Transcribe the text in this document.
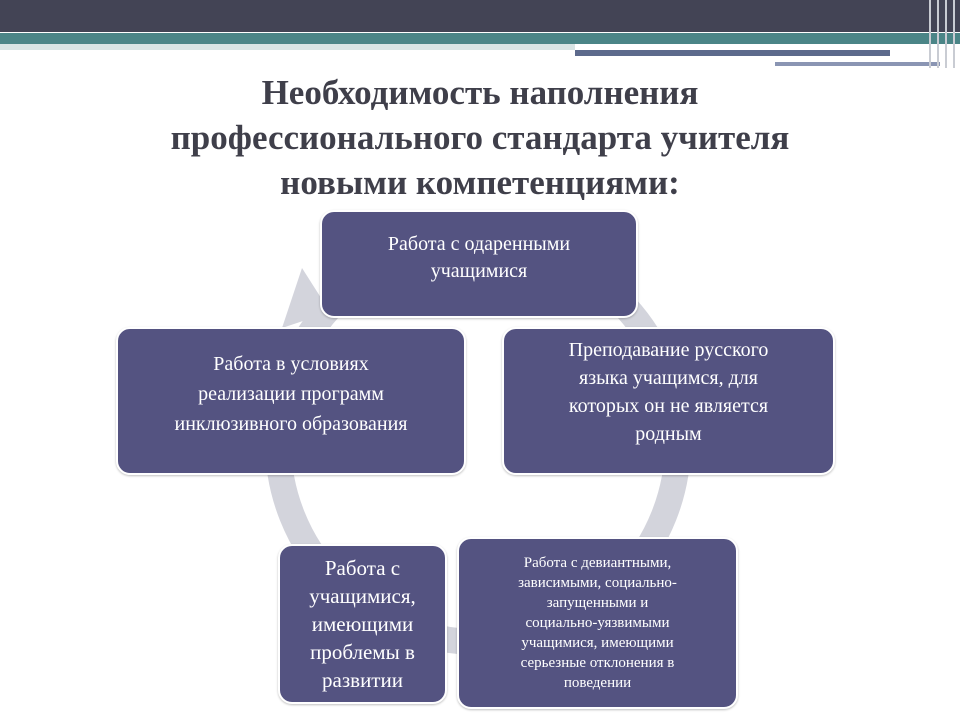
Необходимость наполнения
профессионального стандарта учителя
новыми компетенциями:
Работа с одаренными
учащимися
Преподавание русского
языка учащимся, для
которых он не является
родным
Работа с девиантными,
зависимыми, социально-
запущенными и
социально-уязвимыми
учащимися, имеющими
серьезные отклонения в
поведении
Работа с
учащимися,
имеющими
проблемы в
развитии
Работа в условиях
реализации программ
инклюзивного образования
